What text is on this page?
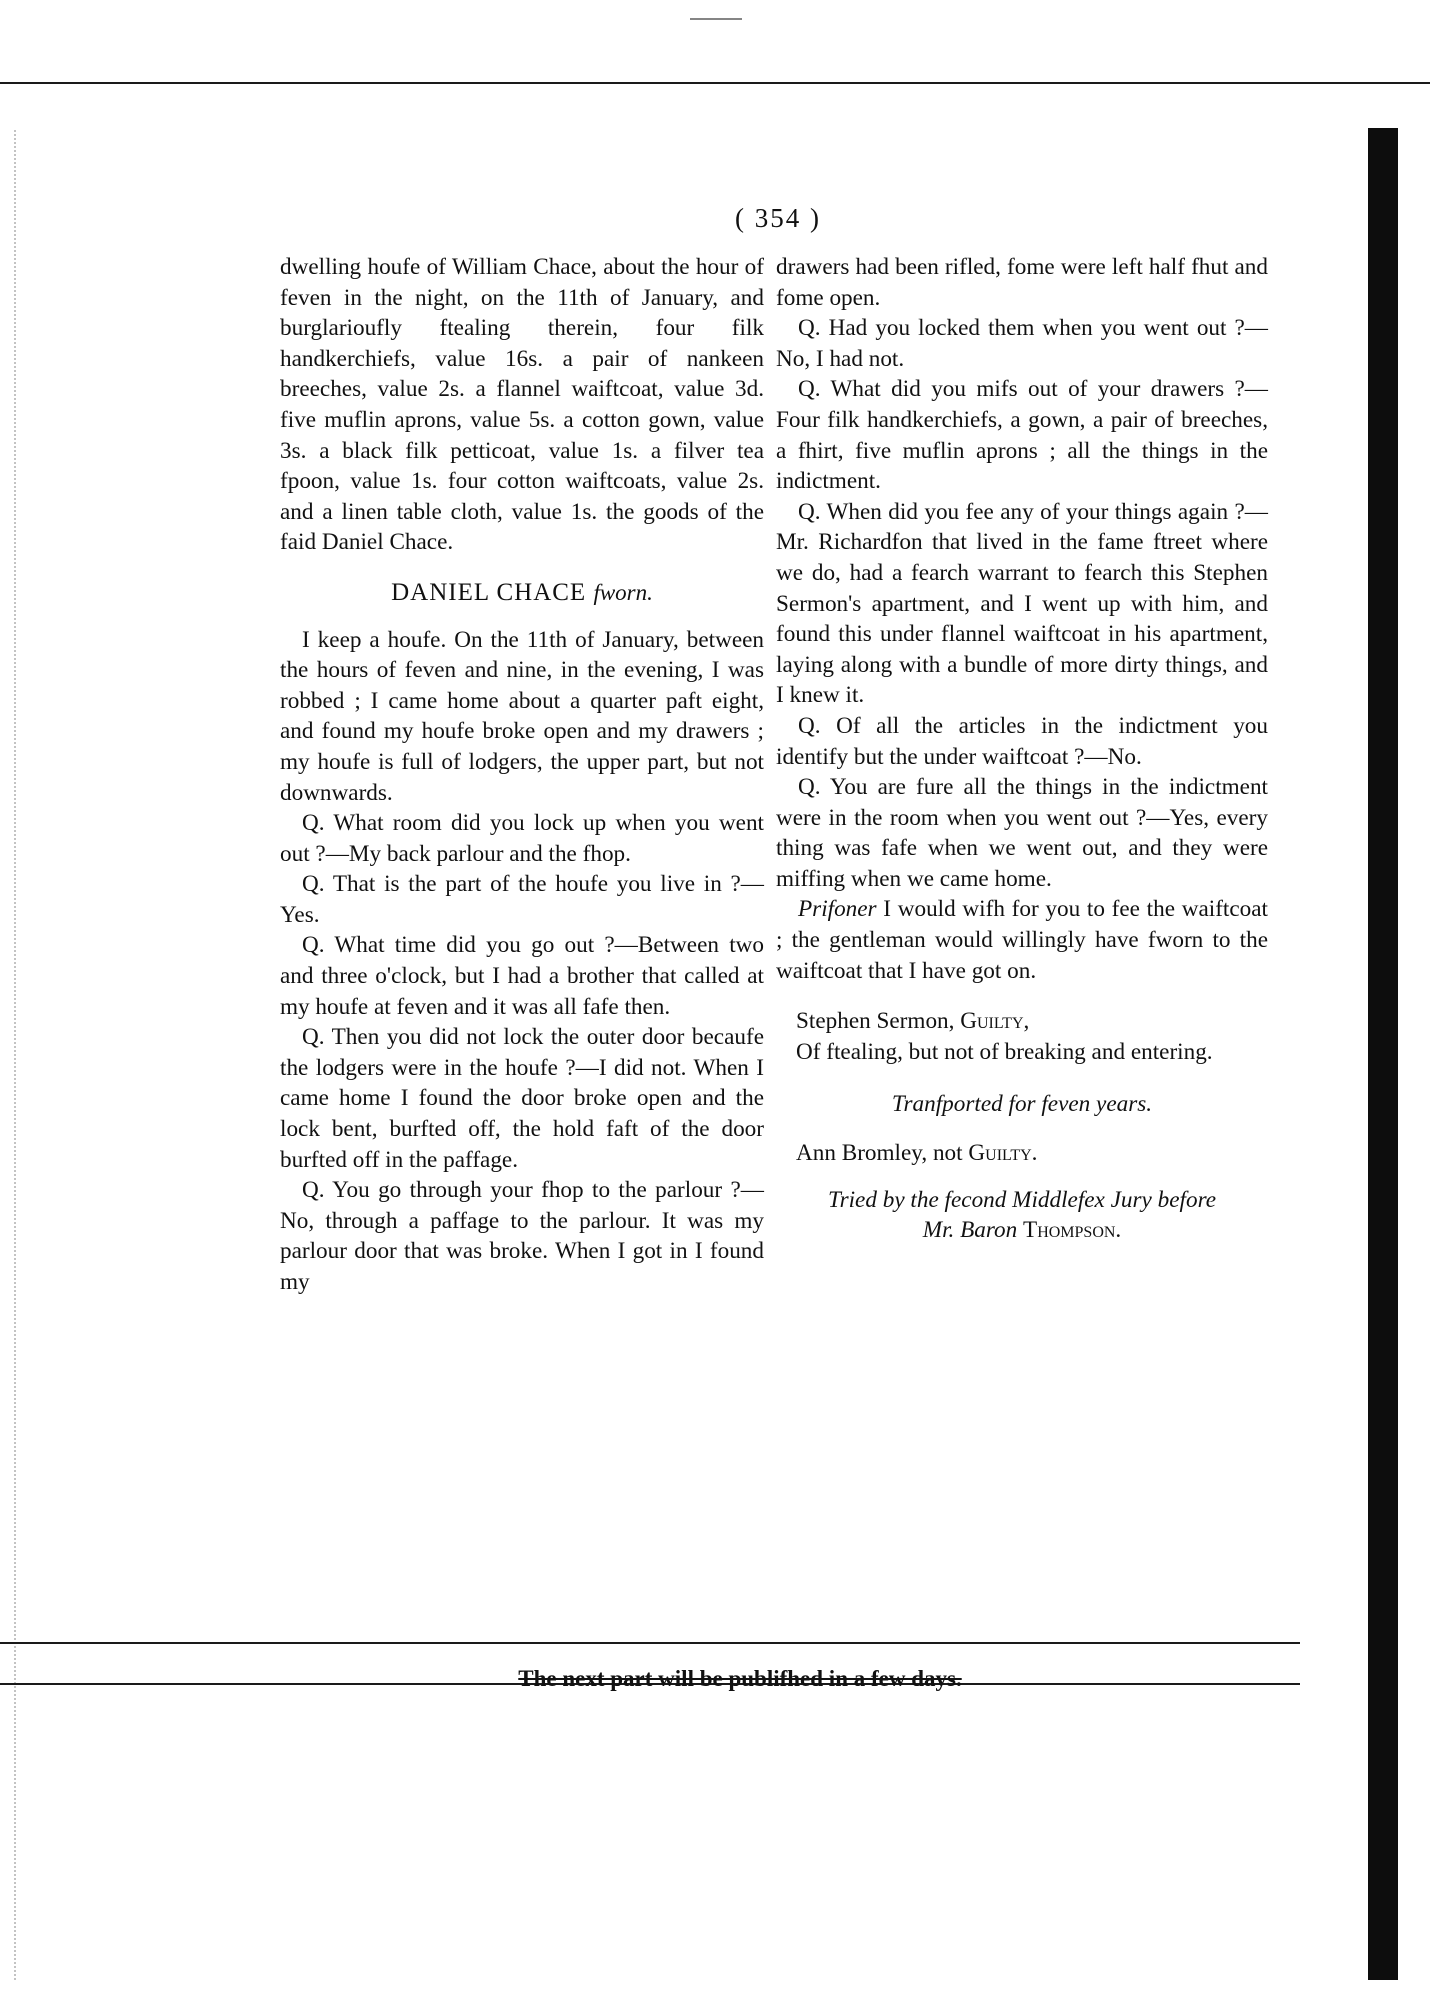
( 354 )

dwelling houfe of William Chace, about the hour of feven in the night, on the 11th of January, and burglarioufly ftealing therein, four filk handkerchiefs, value 16s. a pair of nankeen breeches, value 2s. a flannel waiftcoat, value 3d. five muflin aprons, value 5s. a cotton gown, value 3s. a black filk petticoat, value 1s. a filver tea fpoon, value 1s. four cotton waiftcoats, value 2s. and a linen table cloth, value 1s. the goods of the faid Daniel Chace.

DANIEL CHACE fworn.

I keep a houfe. On the 11th of January, between the hours of feven and nine, in the evening, I was robbed ; I came home about a quarter paft eight, and found my houfe broke open and my drawers ; my houfe is full of lodgers, the upper part, but not downwards.

Q. What room did you lock up when you went out ?—My back parlour and the fhop.

Q. That is the part of the houfe you live in ?—Yes.

Q. What time did you go out ?—Between two and three o'clock, but I had a brother that called at my houfe at feven and it was all fafe then.

Q. Then you did not lock the outer door becaufe the lodgers were in the houfe ?—I did not. When I came home I found the door broke open and the lock bent, burfted off, the hold faft of the door burfted off in the paffage.

Q. You go through your fhop to the parlour ?—No, through a paffage to the parlour. It was my parlour door that was broke. When I got in I found my

drawers had been rifled, fome were left half fhut and fome open.

Q. Had you locked them when you went out ?—No, I had not.

Q. What did you mifs out of your drawers ?—Four filk handkerchiefs, a gown, a pair of breeches, a fhirt, five muflin aprons ; all the things in the indictment.

Q. When did you fee any of your things again ?— Mr. Richardfon that lived in the fame ftreet where we do, had a fearch warrant to fearch this Stephen Sermon's apartment, and I went up with him, and found this under flannel waiftcoat in his apartment, laying along with a bundle of more dirty things, and I knew it.

Q. Of all the articles in the indictment you identify but the under waiftcoat ?—No.

Q. You are fure all the things in the indictment were in the room when you went out ?—Yes, every thing was fafe when we went out, and they were miffing when we came home.

Prifoner I would wifh for you to fee the waiftcoat ; the gentleman would willingly have fworn to the waiftcoat that I have got on.

Stephen Sermon, Guilty,

Of ftealing, but not of breaking and entering.

Tranfported for feven years.

Ann Bromley, not Guilty.

Tried by the fecond Middlefex Jury before

Mr. Baron Thompson.

The next part will be publifhed in a few days.
